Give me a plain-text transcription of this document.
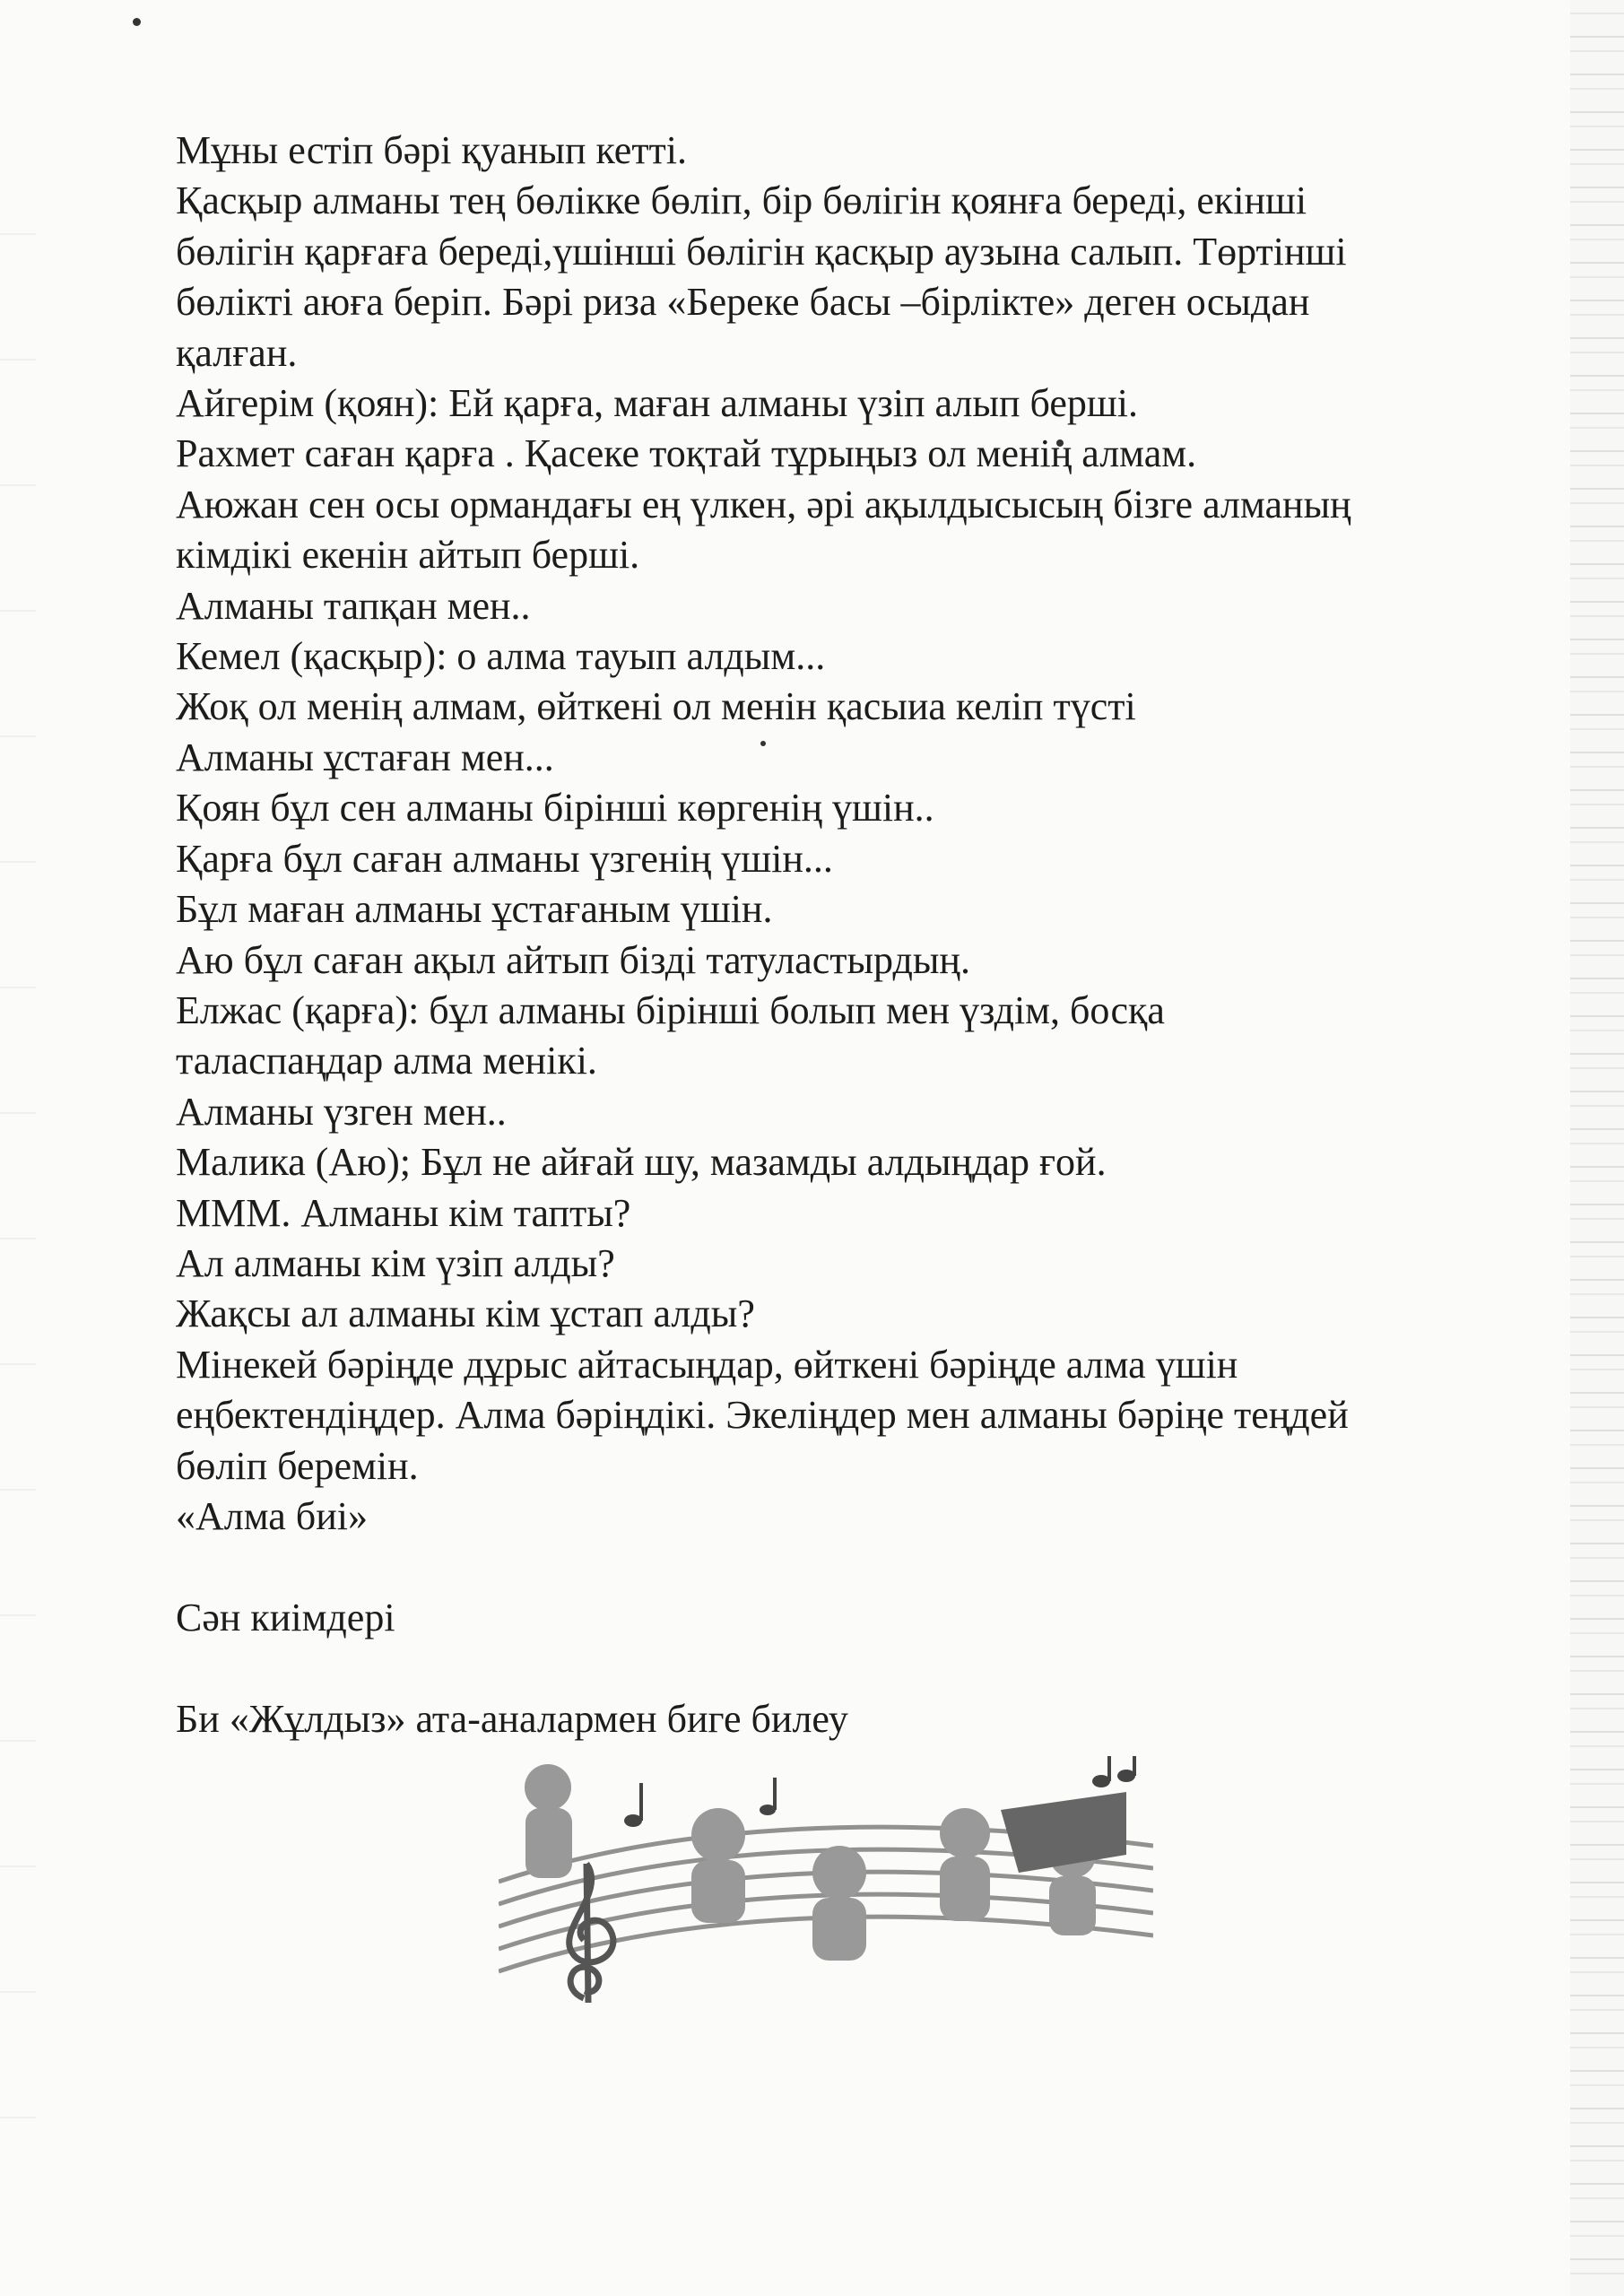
Мұны естіп бәрі қуанып кетті.

Қасқыр алманы тең бөлікке бөліп, бір бөлігін қоянға береді, екінші

бөлігін қарғаға береді,үшінші бөлігін қасқыр аузына салып. Төртінші

бөлікті аюға беріп. Бәрі риза «Береке басы –бірлікте» деген осыдан

қалған.

Айгерім (қоян): Ей қарға, маған алманы үзіп алып берші.

Рахмет саған қарға . Қасеке тоқтай тұрыңыз ол менің алмам.

Аюжан сен осы ормандағы ең үлкен, әрі ақылдысысың бізге алманың

кімдікі екенін айтып берші.

Алманы тапқан мен..

Кемел (қасқыр): о алма тауып алдым...

Жоқ ол менің алмам, өйткені ол менін қасыиа келіп түсті

Алманы ұстаған мен...

Қоян бұл сен алманы бірінші көргенің үшін..

Қарға бұл саған алманы үзгенің үшін...

Бұл маған алманы ұстағаным үшін.

Аю бұл саған ақыл айтып бізді татуластырдың.

Елжас (қарға): бұл алманы бірінші болып мен үздім, босқа

таласпаңдар алма менікі.

Алманы үзген мен..

Малика (Аю); Бұл не айғай шу, мазамды алдыңдар ғой.

МММ. Алманы кім тапты?

Ал алманы кім үзіп алды?

Жақсы ал алманы кім ұстап алды?

Мінекей бәріңде дұрыс айтасыңдар, өйткені бәріңде алма үшін

еңбектендіңдер. Алма бәріңдікі. Экеліңдер мен алманы бәріңе теңдей

бөліп беремін.

«Алма биі»

Сән киімдері

Би «Жұлдыз» ата-аналармен биге билеу
